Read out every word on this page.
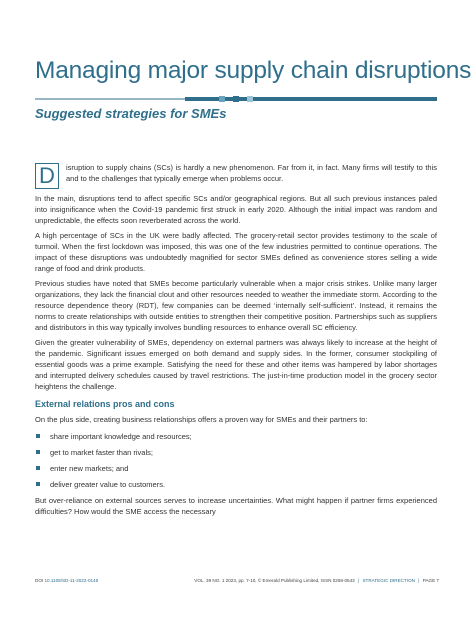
Managing major supply chain disruptions
Suggested strategies for SMEs
D	isruption to supply chains (SCs) is hardly a new phenomenon. Far from it, in fact. Many firms will testify to this and to the challenges that typically emerge when problems occur.

In the main, disruptions tend to affect specific SCs and/or geographical regions. But all such previous instances paled into insignificance when the Covid-19 pandemic first struck in early 2020. Although the initial impact was random and unpredictable, the effects soon reverberated across the world.

A high percentage of SCs in the UK were badly affected. The grocery-retail sector provides testimony to the scale of turmoil. When the first lockdown was imposed, this was one of the few industries permitted to continue operations. The impact of these disruptions was undoubtedly magnified for sector SMEs defined as convenience stores selling a wide range of food and drink products.

Previous studies have noted that SMEs become particularly vulnerable when a major crisis strikes. Unlike many larger organizations, they lack the financial clout and other resources needed to weather the immediate storm. According to the resource dependence theory (RDT), few companies can be deemed ‘internally self-sufficient’. Instead, it remains the norms to create relationships with outside entities to strengthen their competitive position. Partnerships such as suppliers and distributors in this way typically involves bundling resources to enhance overall SC efficiency.

Given the greater vulnerability of SMEs, dependency on external partners was always likely to increase at the height of the pandemic. Significant issues emerged on both demand and supply sides. In the former, consumer stockpiling of essential goods was a prime example. Satisfying the need for these and other items was hampered by labor shortages and interrupted delivery schedules caused by travel restrictions. The just-in-time production model in the grocery sector heightens the challenge.

External relations pros and cons

On the plus side, creating business relationships offers a proven way for SMEs and their partners to:

share important knowledge and resources;
get to market faster than rivals;
enter new markets; and
deliver greater value to customers.

But over-reliance on external sources serves to increase uncertainties. What might happen if partner firms experienced difficulties? How would the SME access the necessary

DOI 10.1108/SD-11-2022-0146	VOL. 39 NO. 1 2023, pp. 7-10, © Emerald Publishing Limited, ISSN 0258-0543 | STRATEGIC DIRECTION | PAGE 7
